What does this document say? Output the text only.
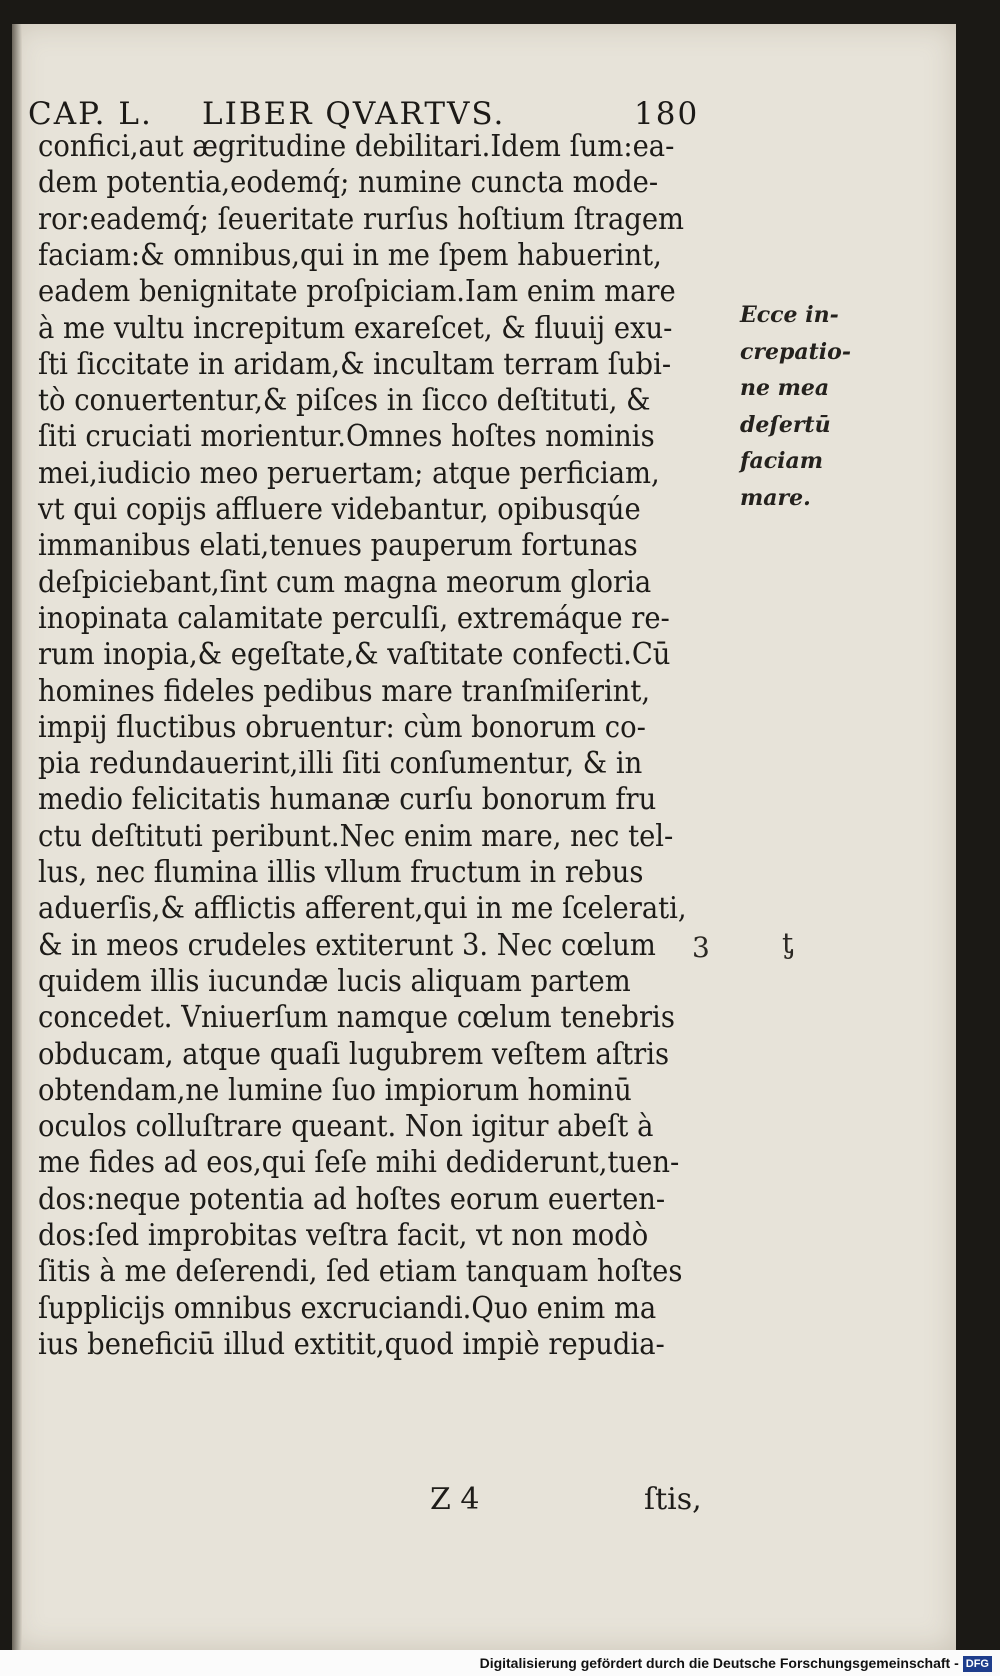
CAP. L. LIBER QVARTVS.	180
confici,aut ægritudine debilitari.Idem ſum:ea-
dem potentia,eodemq́; numine cuncta mode-
ror:eademq́; ſeueritate rurſus hoſtium ſtragem
faciam:& omnibus,qui in me ſpem habuerint,
eadem benignitate proſpiciam.Iam enim mare
à me vultu increpitum exareſcet, & fluuij exu-
ſti ſiccitate in aridam,& incultam terram ſubi-
tò conuertentur,& piſces in ſicco deſtituti, &
ſiti cruciati morientur.Omnes hoſtes nominis
mei,iudicio meo peruertam; atque perficiam,
vt qui copijs affluere videbantur, opibusqúe
immanibus elati,tenues pauperum fortunas
deſpiciebant,ſint cum magna meorum gloria
inopinata calamitate perculſi, extremáque re-
rum inopia,& egeſtate,& vaſtitate confecti.Cū
homines fideles pedibus mare tranſmiſerint,
impij fluctibus obruentur: cùm bonorum co-
pia redundauerint,illi ſiti conſumentur, & in
medio felicitatis humanæ curſu bonorum fru
ctu deſtituti peribunt.Nec enim mare, nec tel-
lus, nec flumina illis vllum fructum in rebus
aduerſis,& afflictis afferent,qui in me ſcelerati,
& in meos crudeles extiterunt 3. Nec cœlum
quidem illis iucundæ lucis aliquam partem
concedet. Vniuerſum namque cœlum tenebris
obducam, atque quaſi lugubrem veſtem aſtris
obtendam,ne lumine ſuo impiorum hominū
oculos colluſtrare queant. Non igitur abeſt à
me fides ad eos,qui ſeſe mihi dediderunt,tuen-
dos:neque potentia ad hoſtes eorum euerten-
dos:ſed improbitas veſtra facit, vt non modò
ſitis à me deſerendi, ſed etiam tanquam hoſtes
ſupplicijs omnibus excruciandi.Quo enim ma
ius beneficiū illud extitit,quod impiè repudia-
Ecce in-
crepatio-
ne mea
deſertū
faciam
mare.
3	ƫ
Z 4	ſtis,
Digitalisierung gefördert durch die Deutsche Forschungsgemeinschaft - DFG
